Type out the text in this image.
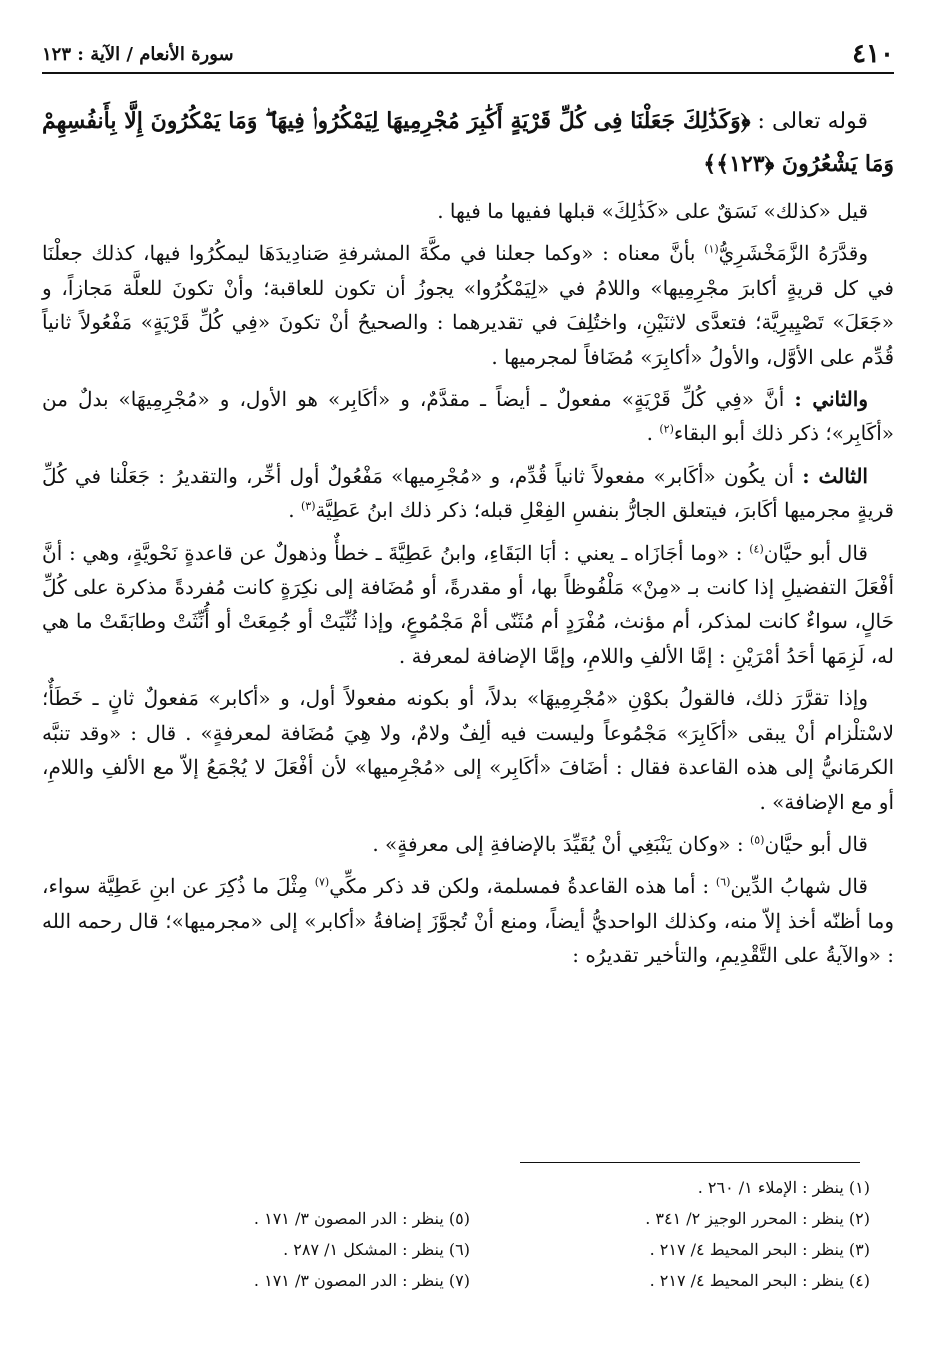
٤١٠
سورة الأنعام / الآية : ١٢٣

قوله تعالى : ﴿وَكَذَٰلِكَ جَعَلْنَا فِى كُلِّ قَرْيَةٍ أَكَٰبِرَ مُجْرِمِيهَا لِيَمْكُرُوا۟ فِيهَا ۖ وَمَا يَمْكُرُونَ إِلَّا بِأَنفُسِهِمْ وَمَا يَشْعُرُونَ ﴿١٢٣﴾﴾

قيل «كذلك» نَسَقٌ على «كَذَٰلِكَ» قبلها ففيها ما فيها .

وقدَّرَهُ الزَّمَخْشَرِيُّ$^{(١)}$ بأنَّ معناه : «وكما جعلنا في مكَّةَ المشرفةِ صَنادِيدَهَا ليمكُرُوا فيها، كذلك جعلْنَا في كل قريةٍ أكابرَ مجْرِمِيها» واللامُ في «لِيَمْكُرُوا» يجوزُ أن تكون للعاقبة؛ وأنْ تكونَ للعلَّة مَجازاً، و «جَعَلَ» تَصْيِيرِيَّة؛ فتعدَّى لاثنَيْنِ، واختُلِفَ في تقديرهما : والصحيحُ أنْ تكونَ «فِي كُلِّ قَرْيَةٍ» مَفْعُولاً ثانياً قُدِّم على الأوَّل، والأولُ «أكابِرَ» مُضَافاً لمجرميها .

والثاني : أنَّ «فِي كُلِّ قَرْيَةٍ» مفعولٌ ـ أيضاً ـ مقدَّمٌ، و «أكَابِر» هو الأول، و «مُجْرِمِيهَا» بدلٌ من «أكَابِر»؛ ذكر ذلك أبو البقاء$^{(٢)}$ .

الثالث : أن يكُون «أكَابر» مفعولاً ثانياً قُدِّم، و «مُجْرِميها» مَفْعُولٌ أول أخِّر، والتقديرُ : جَعَلْنا في كُلِّ قريةٍ مجرميها أكَابرَ، فيتعلق الجارُّ بنفسِ الفِعْلِ قبله؛ ذكر ذلك ابنُ عَطِيَّة$^{(٣)}$ .

قال أبو حيَّان$^{(٤)}$ : «وما أجَازَاه ـ يعني : أبَا البَقَاءِ، وابنُ عَطِيَّةَ ـ خطأٌ وذهولٌ عن قاعدةٍ نَحْويَّةٍ، وهي : أنَّ أفْعَلَ التفضيلِ إذا كانت بـ «مِنْ» مَلْفُوظاً بها، أو مقدرةً، أو مُضَافة إلى نكِرَةٍ كانت مُفردةً مذكرة على كُلِّ حَالٍ، سواءٌ كانت لمذكر، أم مؤنث، مُفْرَدٍ أم مُثَنّى أمْ مَجْمُوعٍ، وإذا ثُنِّيَتْ أو جُمِعَتْ أو أُنِّثَتْ وطابَقَتْ ما هي له، لَزِمَها أحَدُ أمْرَيْنِ : إمَّا الألفِ واللامِ، وإمَّا الإضافة لمعرفة .

وإذا تقرَّرَ ذلك، فالقولُ بكوْنِ «مُجْرِمِيهَا» بدلاً، أو بكونه مفعولاً أول، و «أكابر» مَفعولٌ ثانٍ ـ خَطَأٌ؛ لاسْتلْزام أنْ يبقى «أكَابِرَ» مَجْمُوعاً وليست فيه ألِفٌ ولامٌ، ولا هِيَ مُضَافة لمعرفةٍ» . قال : «وقد تنبَّه الكرمَانيُّ إلى هذه القاعدة فقال : أضَافَ «أكَابِر» إلى «مُجْرِميها» لأن أفْعَلَ لا يُجْمَعُ إلاّ مع الألفِ واللامِ، أو مع الإضافة» .

قال أبو حيَّان$^{(٥)}$ : «وكان يَنْبَغِي أنْ يُقَيِّدَ بالإضافةِ إلى معرفةٍ» .

قال شهابُ الدِّين$^{(٦)}$ : أما هذه القاعدةُ فمسلمة، ولكن قد ذكر مكِّي$^{(٧)}$ مِثْلَ ما ذُكِرَ عن ابنِ عَطِيَّة سواء، وما أظنّه أخذ إلاّ منه، وكذلك الواحديُّ أيضاً، ومنع أنْ تُجوَّزَ إضافةُ «أكابر» إلى «مجرميها»؛ قال رحمه الله : «والآيةُ على التَّقْدِيمِ، والتأخير تقديرُه :

(١) ينظر : الإملاء ١/ ٢٦٠ .
(٢) ينظر : المحرر الوجيز ٢/ ٣٤١ .
(٥) ينظر : الدر المصون ٣/ ١٧١ .
(٣) ينظر : البحر المحيط ٤/ ٢١٧ .
(٦) ينظر : المشكل ١/ ٢٨٧ .
(٤) ينظر : البحر المحيط ٤/ ٢١٧ .
(٧) ينظر : الدر المصون ٣/ ١٧١ .
